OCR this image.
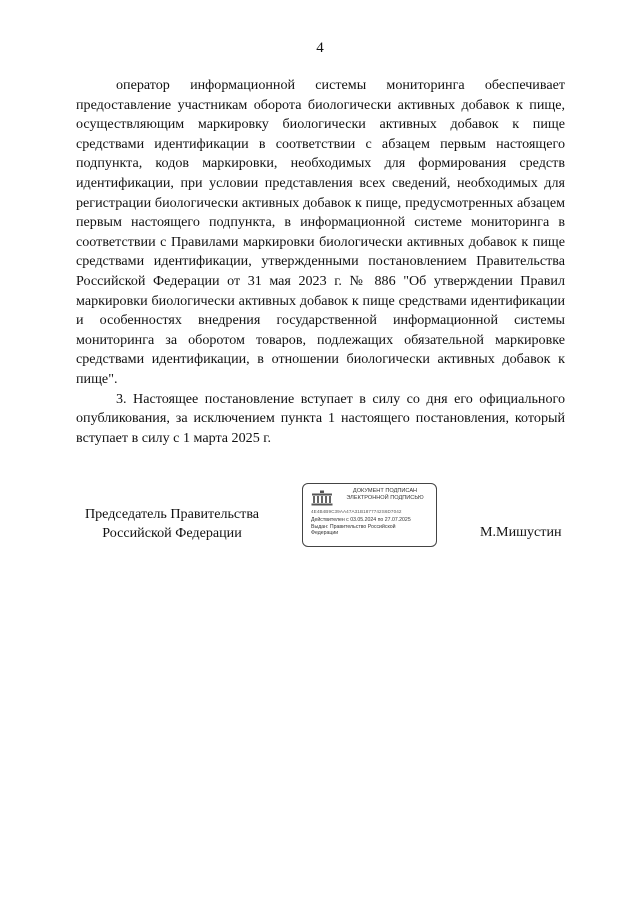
4

оператор информационной системы мониторинга обеспечивает предоставление участникам оборота биологически активных добавок к пище, осуществляющим маркировку биологически активных добавок к пище средствами идентификации в соответствии с абзацем первым настоящего подпункта, кодов маркировки, необходимых для формирования средств идентификации, при условии представления всех сведений, необходимых для регистрации биологически активных добавок к пище, предусмотренных абзацем первым настоящего подпункта, в информационной системе мониторинга в соответствии с Правилами маркировки биологически активных добавок к пище средствами идентификации, утвержденными постановлением Правительства Российской Федерации от 31 мая 2023 г. № 886 "Об утверждении Правил маркировки биологически активных добавок к пище средствами идентификации и особенностях внедрения государственной информационной системы мониторинга за оборотом товаров, подлежащих обязательной маркировке средствами идентификации, в отношении биологически активных добавок к пище".

3. Настоящее постановление вступает в силу со дня его официального опубликования, за исключением пункта 1 настоящего постановления, который вступает в силу с 1 марта 2025 г.

Председатель Правительства
Российской Федерации
ДОКУМЕНТ ПОДПИСАН
ЭЛЕКТРОННОЙ ПОДПИСЬЮ
4E4B4B9C39AA47A31B1877742S6D7042
Действителен с 03.05.2024 по 27.07.2025
Выдан: Правительство Российской
Федерации	М.Мишустин
